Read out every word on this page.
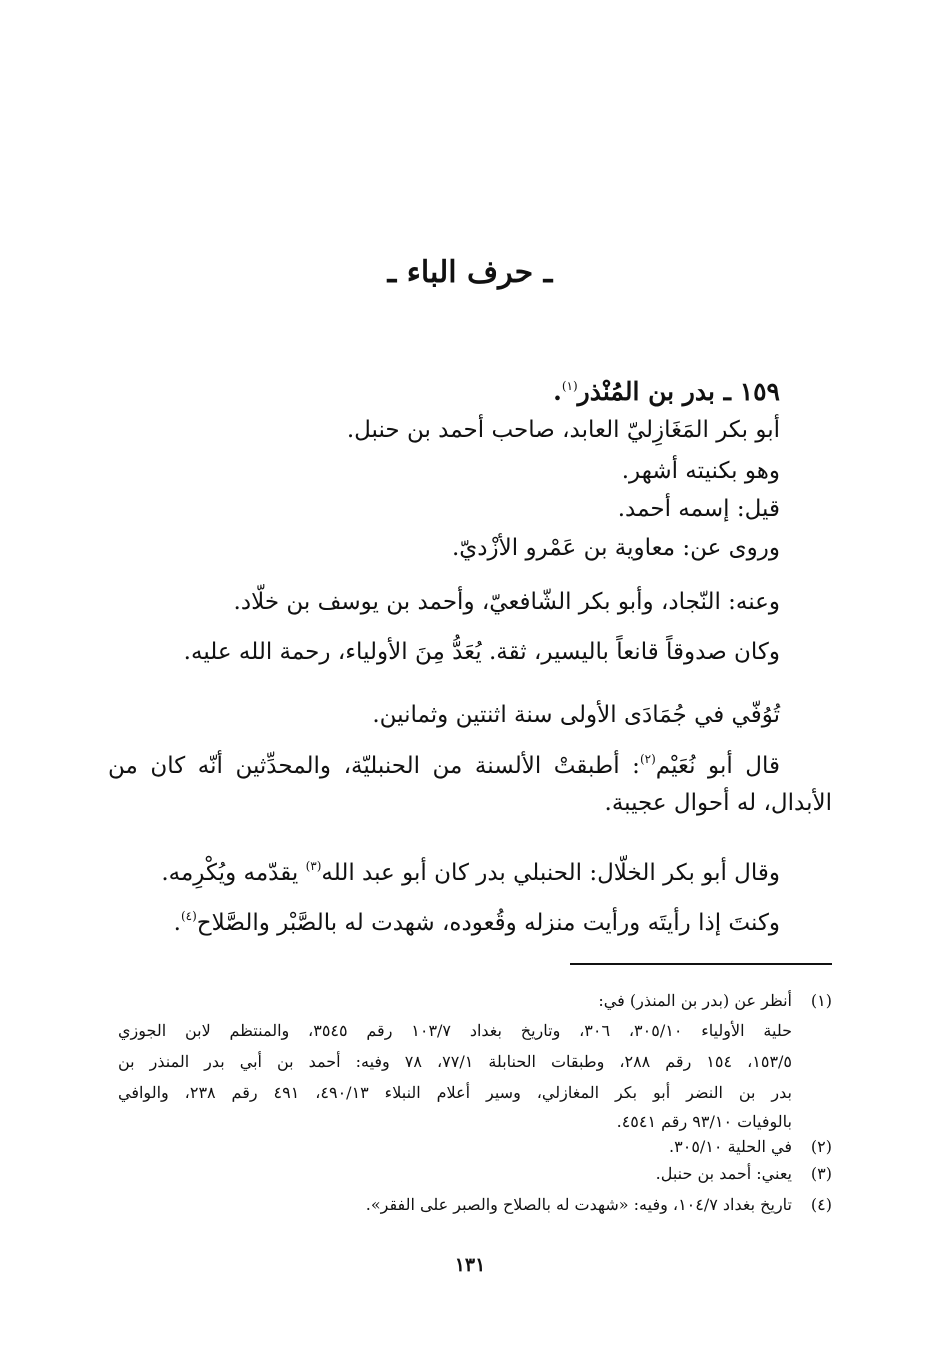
ـ حرف الباء ـ
١٥٩ ـ بدر بن المُنْذر$^{(١)}$.
أبو بكر المَغَازِليّ العابد، صاحب أحمد بن حنبل.
وهو بكنيته أشهر.
قيل: إسمه أحمد.
وروى عن: معاوية بن عَمْرو الأزْديّ.
وعنه: النّجاد، وأبو بكر الشّافعيّ، وأحمد بن يوسف بن خلّاد.
وكان صدوقاً قانعاً باليسير، ثقة. يُعَدُّ مِنَ الأولياء، رحمة الله عليه.
تُوُفّي في جُمَادَى الأولى سنة اثنتين وثمانين.
قال أبو نُعَيْم$^{(٢)}$: أطبقتْ الألسنة من الحنبليّة، والمحدِّثين أنّه كان من
الأبدال، له أحوال عجيبة.
وقال أبو بكر الخلّال: الحنبلي بدر كان أبو عبد الله$^{(٣)}$ يقدّمه ويُكْرِمه.
وكنتَ إذا رأيتَه ورأيت منزله وقُعوده، شهدت له بالصَّبْر والصَّلاح$^{(٤)}$.
(١)
أنظر عن (بدر بن المنذر) في:
حلية الأولياء ٣٠٥/١٠، ٣٠٦، وتاريخ بغداد ١٠٣/٧ رقم ٣٥٤٥، والمنتظم لابن الجوزي
١٥٣/٥، ١٥٤ رقم ٢٨٨، وطبقات الحنابلة ٧٧/١، ٧٨ وفيه: أحمد بن أبي بدر المنذر بن
بدر بن النضر أبو بكر المغازلي، وسير أعلام النبلاء ٤٩٠/١٣، ٤٩١ رقم ٢٣٨، والوافي
بالوفيات ٩٣/١٠ رقم ٤٥٤١.
(٢)
في الحلية ٣٠٥/١٠.
(٣)
يعني: أحمد بن حنبل.
(٤)
تاريخ بغداد ١٠٤/٧، وفيه: «شهدت له بالصلاح والصبر على الفقر».
١٣١
